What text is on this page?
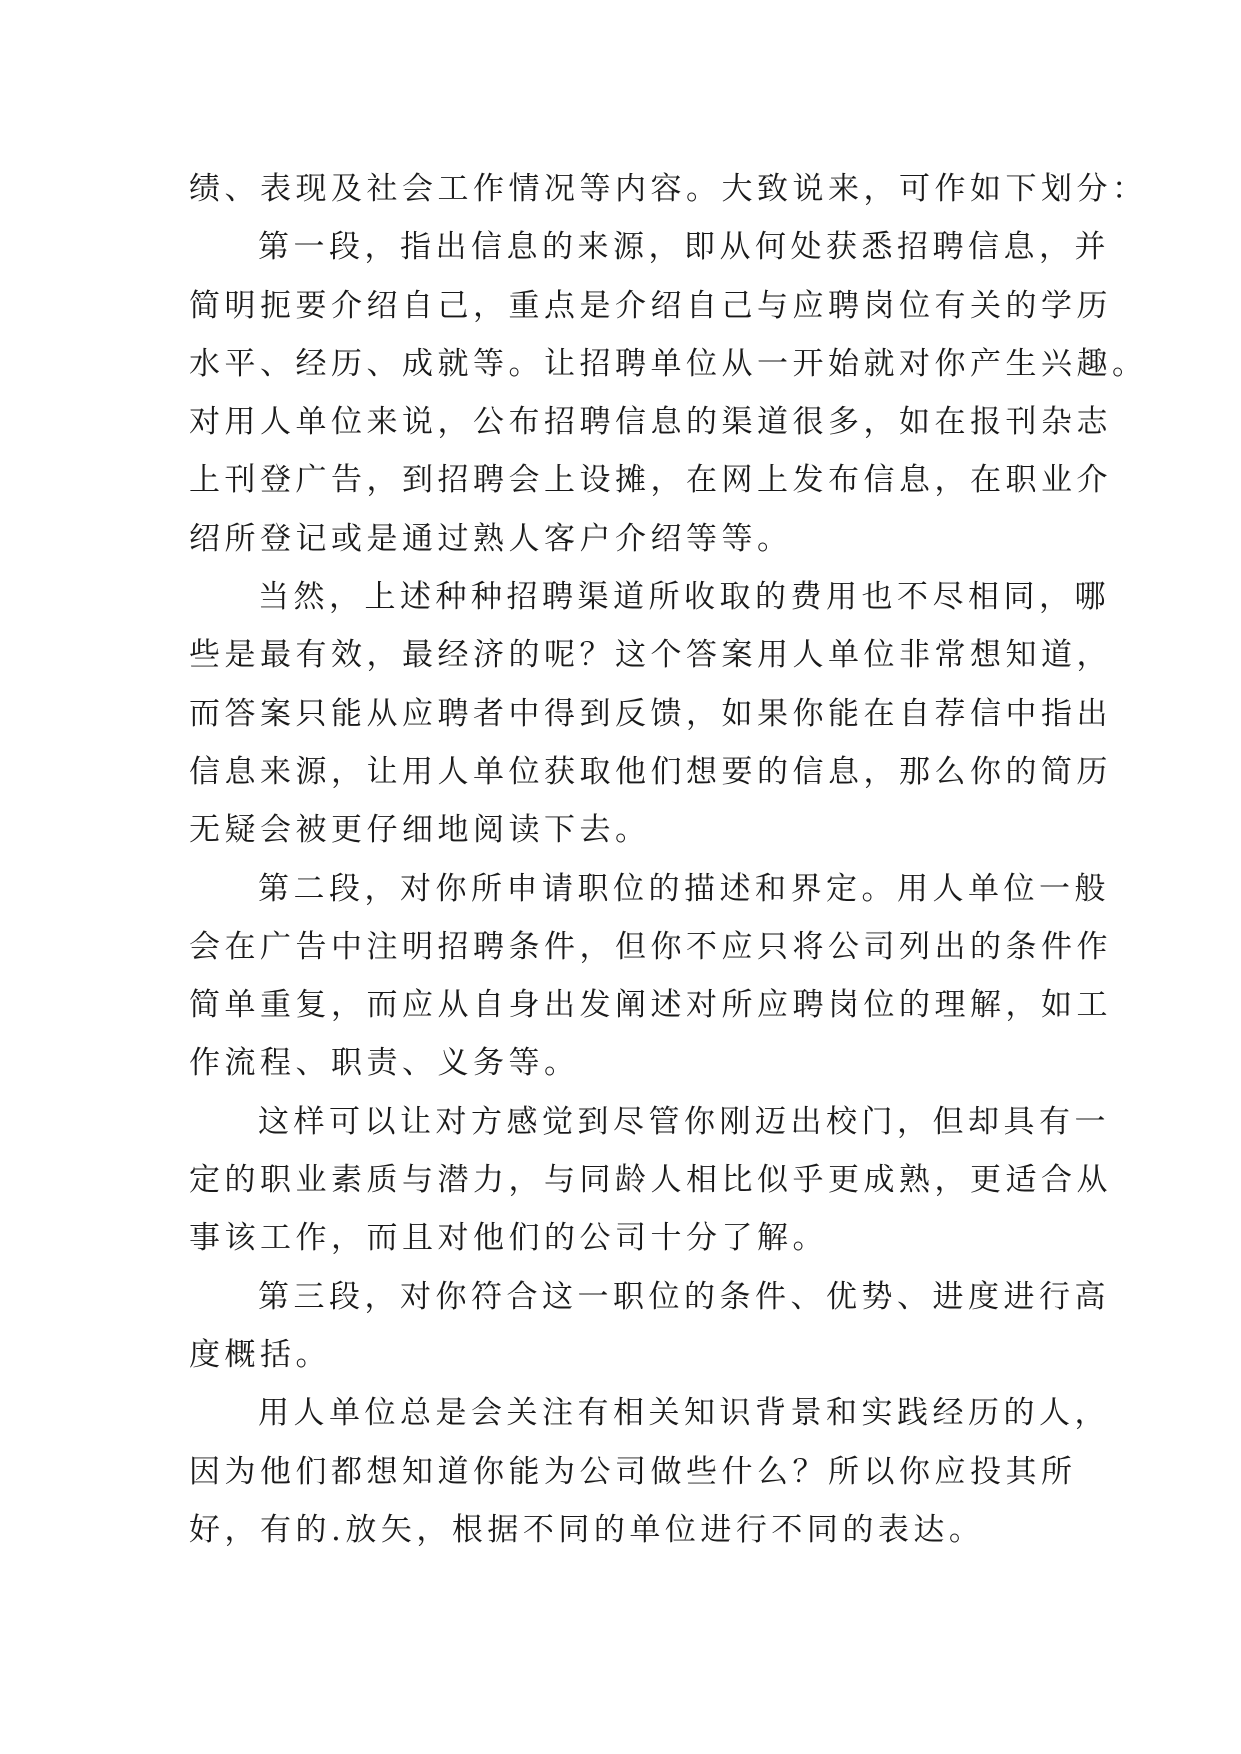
绩、表现及社会工作情况等内容。大致说来，可作如下划分：
第一段，指出信息的来源，即从何处获悉招聘信息，并
简明扼要介绍自己，重点是介绍自己与应聘岗位有关的学历
水平、经历、成就等。让招聘单位从一开始就对你产生兴趣。
对用人单位来说，公布招聘信息的渠道很多，如在报刊杂志
上刊登广告，到招聘会上设摊，在网上发布信息，在职业介
绍所登记或是通过熟人客户介绍等等。
当然，上述种种招聘渠道所收取的费用也不尽相同，哪
些是最有效，最经济的呢？这个答案用人单位非常想知道，
而答案只能从应聘者中得到反馈，如果你能在自荐信中指出
信息来源，让用人单位获取他们想要的信息，那么你的简历
无疑会被更仔细地阅读下去。
第二段，对你所申请职位的描述和界定。用人单位一般
会在广告中注明招聘条件，但你不应只将公司列出的条件作
简单重复，而应从自身出发阐述对所应聘岗位的理解，如工
作流程、职责、义务等。
这样可以让对方感觉到尽管你刚迈出校门，但却具有一
定的职业素质与潜力，与同龄人相比似乎更成熟，更适合从
事该工作，而且对他们的公司十分了解。
第三段，对你符合这一职位的条件、优势、进度进行高
度概括。
用人单位总是会关注有相关知识背景和实践经历的人，
因为他们都想知道你能为公司做些什么？所以你应投其所
好，有的.放矢，根据不同的单位进行不同的表达。
